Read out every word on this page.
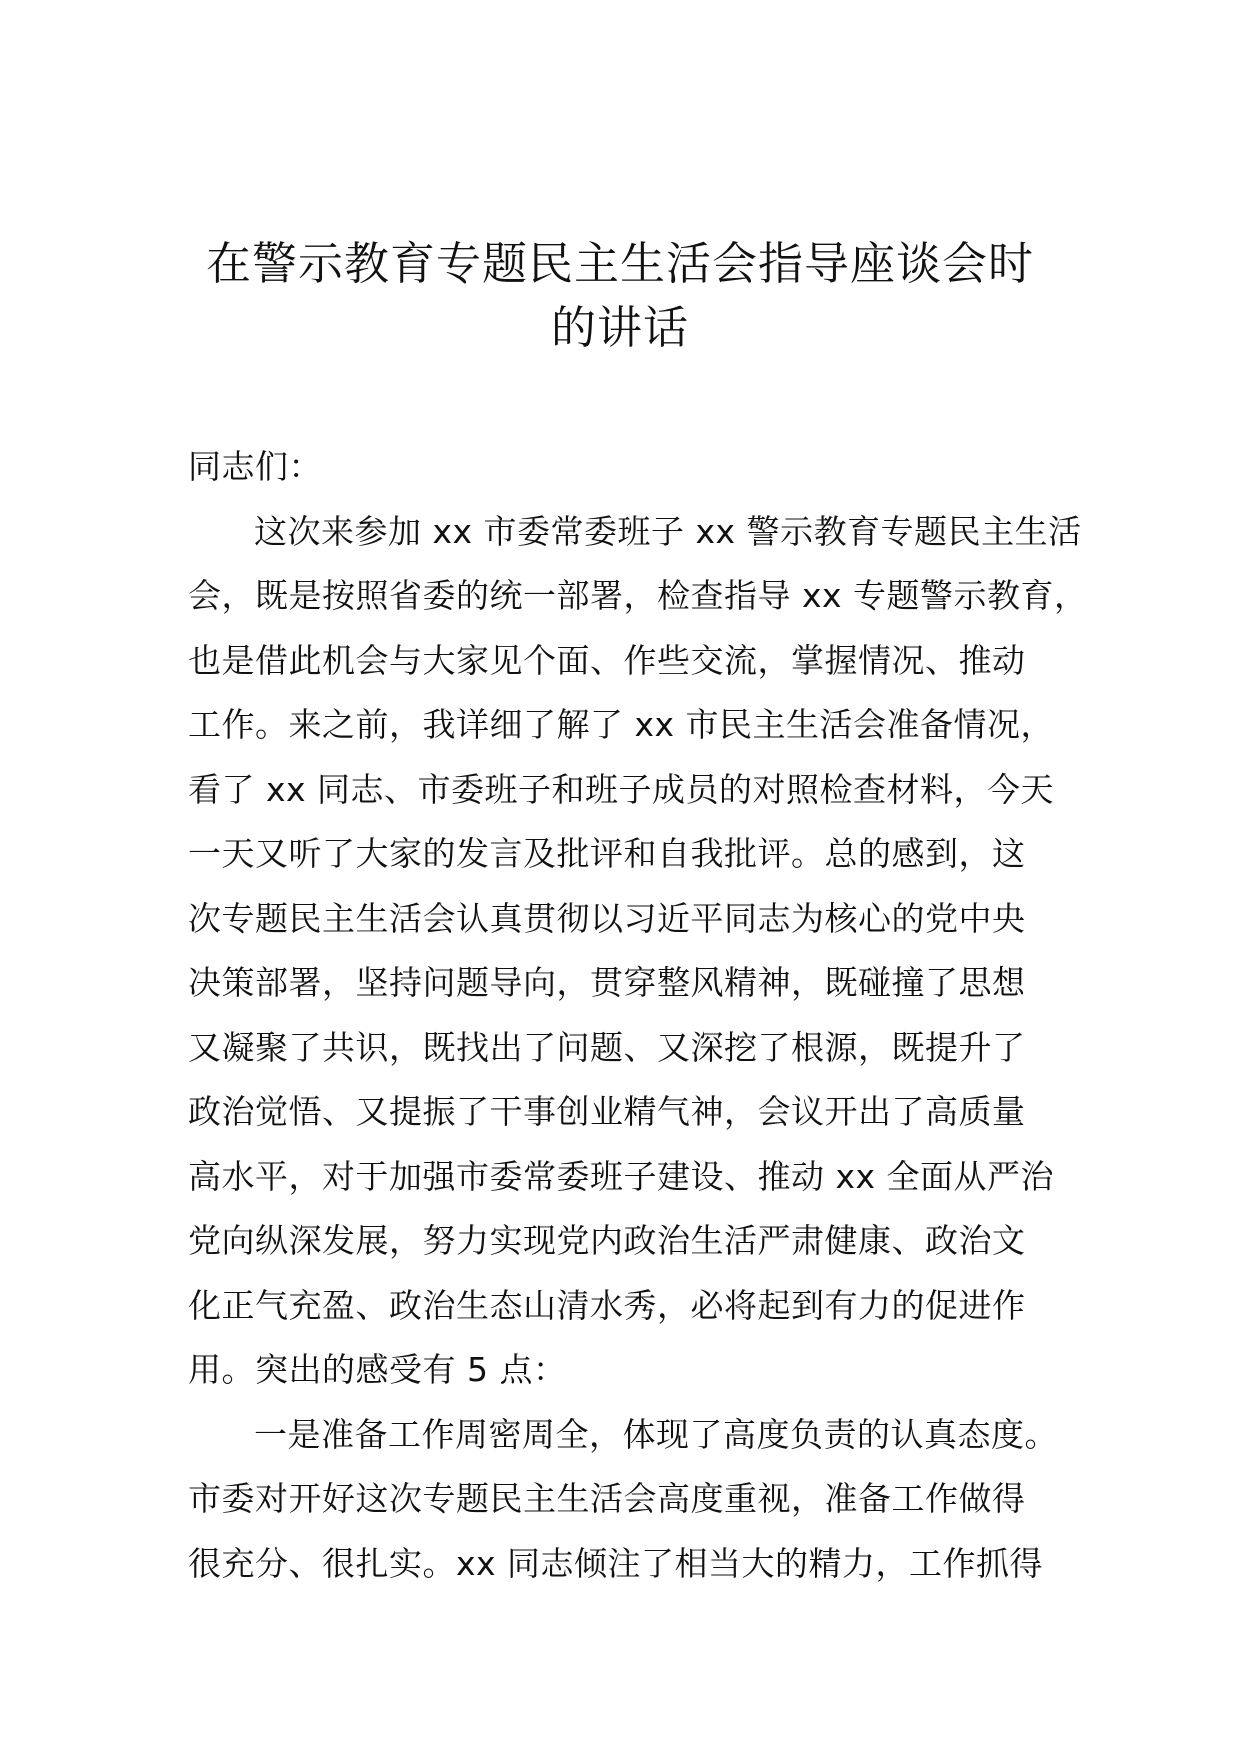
在警示教育专题民主生活会指导座谈会时
的讲话
同志们：
这次来参加 xx 市委常委班子 xx 警示教育专题民主生活
会，既是按照省委的统一部署，检查指导 xx 专题警示教育，
也是借此机会与大家见个面、作些交流，掌握情况、推动
工作。来之前，我详细了解了 xx 市民主生活会准备情况，
看了 xx 同志、市委班子和班子成员的对照检查材料，今天
一天又听了大家的发言及批评和自我批评。总的感到，这
次专题民主生活会认真贯彻以习近平同志为核心的党中央
决策部署，坚持问题导向，贯穿整风精神，既碰撞了思想
又凝聚了共识，既找出了问题、又深挖了根源，既提升了
政治觉悟、又提振了干事创业精气神，会议开出了高质量
高水平，对于加强市委常委班子建设、推动 xx 全面从严治
党向纵深发展，努力实现党内政治生活严肃健康、政治文
化正气充盈、政治生态山清水秀，必将起到有力的促进作
用。突出的感受有 5 点：
一是准备工作周密周全，体现了高度负责的认真态度。
市委对开好这次专题民主生活会高度重视，准备工作做得
很充分、很扎实。xx 同志倾注了相当大的精力，工作抓得
